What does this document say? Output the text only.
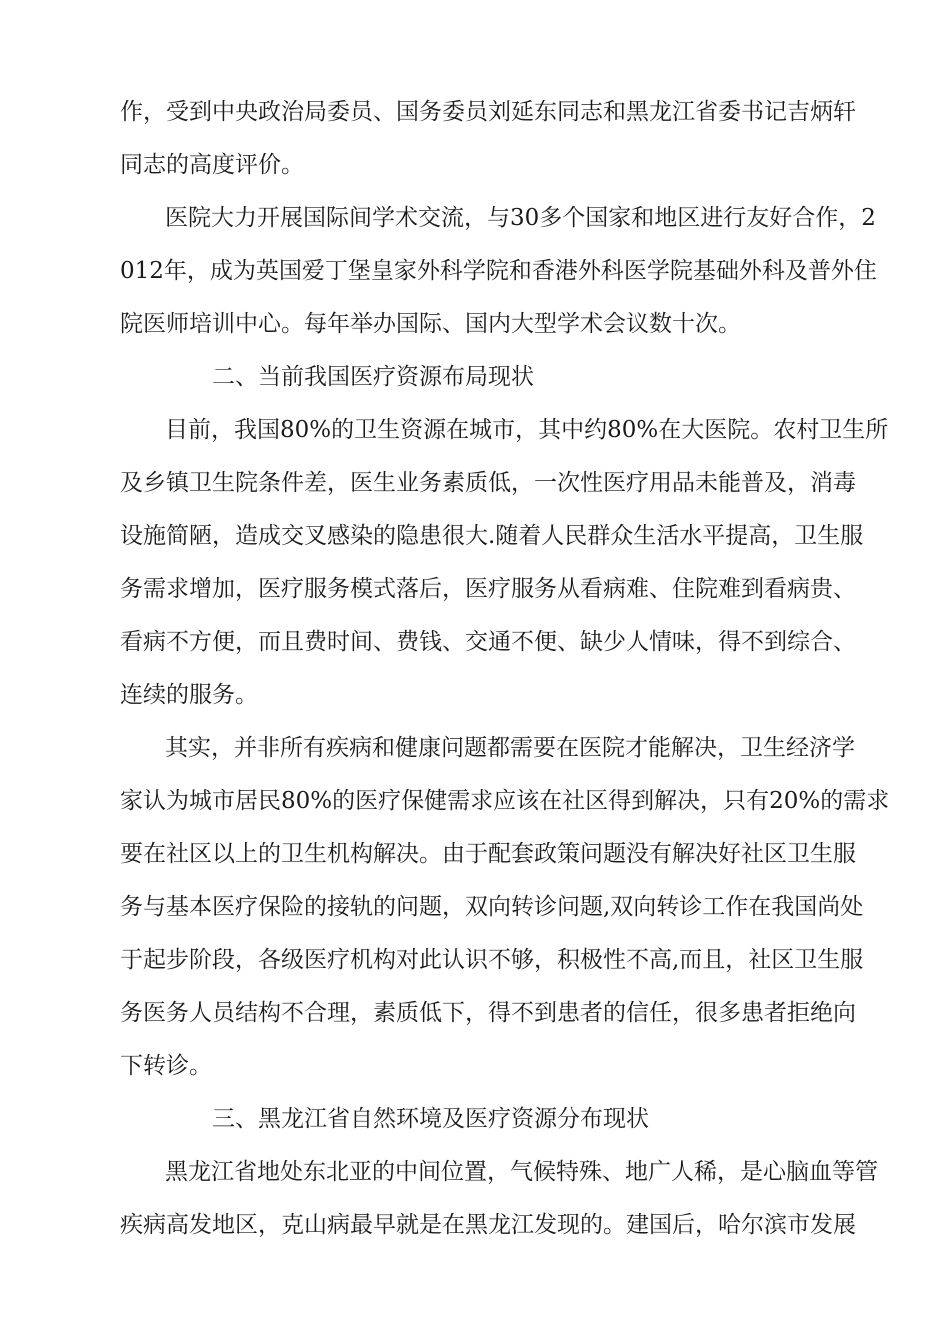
作，受到中央政治局委员、国务委员刘延东同志和黑龙江省委书记吉炳轩
同志的高度评价。
医院大力开展国际间学术交流，与30多个国家和地区进行友好合作，2
012年，成为英国爱丁堡皇家外科学院和香港外科医学院基础外科及普外住
院医师培训中心。每年举办国际、国内大型学术会议数十次。
二、当前我国医疗资源布局现状
目前，我国80%的卫生资源在城市，其中约80%在大医院。农村卫生所
及乡镇卫生院条件差，医生业务素质低，一次性医疗用品未能普及，消毒
设施简陋，造成交叉感染的隐患很大.随着人民群众生活水平提高，卫生服
务需求增加，医疗服务模式落后，医疗服务从看病难、住院难到看病贵、
看病不方便，而且费时间、费钱、交通不便、缺少人情味，得不到综合、
连续的服务。
其实，并非所有疾病和健康问题都需要在医院才能解决，卫生经济学
家认为城市居民80%的医疗保健需求应该在社区得到解决，只有20%的需求
要在社区以上的卫生机构解决。由于配套政策问题没有解决好社区卫生服
务与基本医疗保险的接轨的问题，双向转诊问题,双向转诊工作在我国尚处
于起步阶段，各级医疗机构对此认识不够，积极性不高,而且，社区卫生服
务医务人员结构不合理，素质低下，得不到患者的信任，很多患者拒绝向
下转诊。
三、黑龙江省自然环境及医疗资源分布现状
黑龙江省地处东北亚的中间位置，气候特殊、地广人稀，是心脑血等管
疾病高发地区，克山病最早就是在黑龙江发现的。建国后，哈尔滨市发展
